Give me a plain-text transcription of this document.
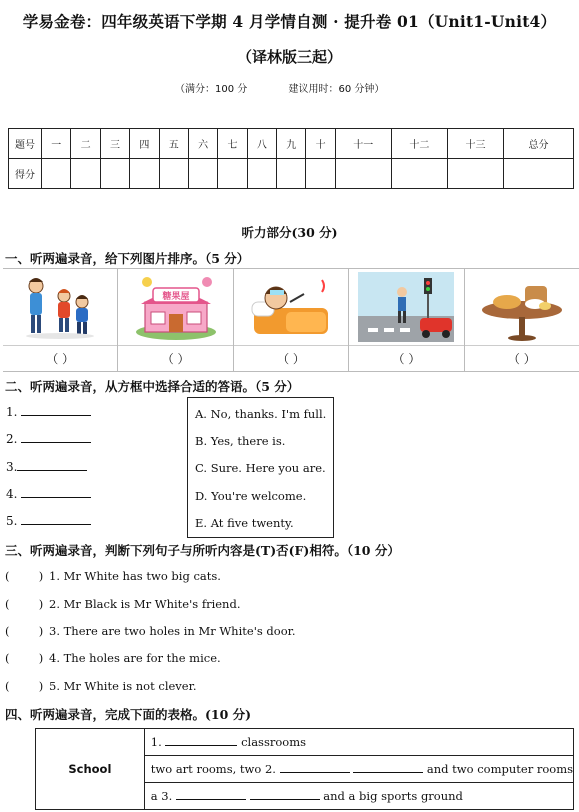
学易金卷：四年级英语下学期 4 月学情自测 · 提升卷 01（Unit1-Unit4）
（译林版三起）
（满分：100 分	建议用时：60 分钟）
题号	一	二	三	四	五	六	七	八	九	十	十一	十二	十三	总分
得分														
听力部分(30 分)
一、听两遍录音，给下列图片排序。（5 分）
（ ）
糖果屋
（ ）	（ ）	（ ）	（ ）
二、听两遍录音，从方框中选择合适的答语。（5 分）
1.
2.
3.
4.
5.
A. No, thanks. I'm full.
B. Yes, there is.
C. Sure. Here you are.
D. You're welcome.
E. At five twenty.
三、听两遍录音，判断下列句子与所听内容是(T)否(F)相符。（10 分）
(        ) 1. Mr White has two big cats.
(        ) 2. Mr Black is Mr White's friend.
(        ) 3. There are two holes in Mr White's door.
(        ) 4. The holes are for the mice.
(        ) 5. Mr White is not clever.
四、听两遍录音，完成下面的表格。(10 分)
School	1.	classrooms
two art rooms, two 2.	and two computer rooms
a 3.	and a big sports ground
